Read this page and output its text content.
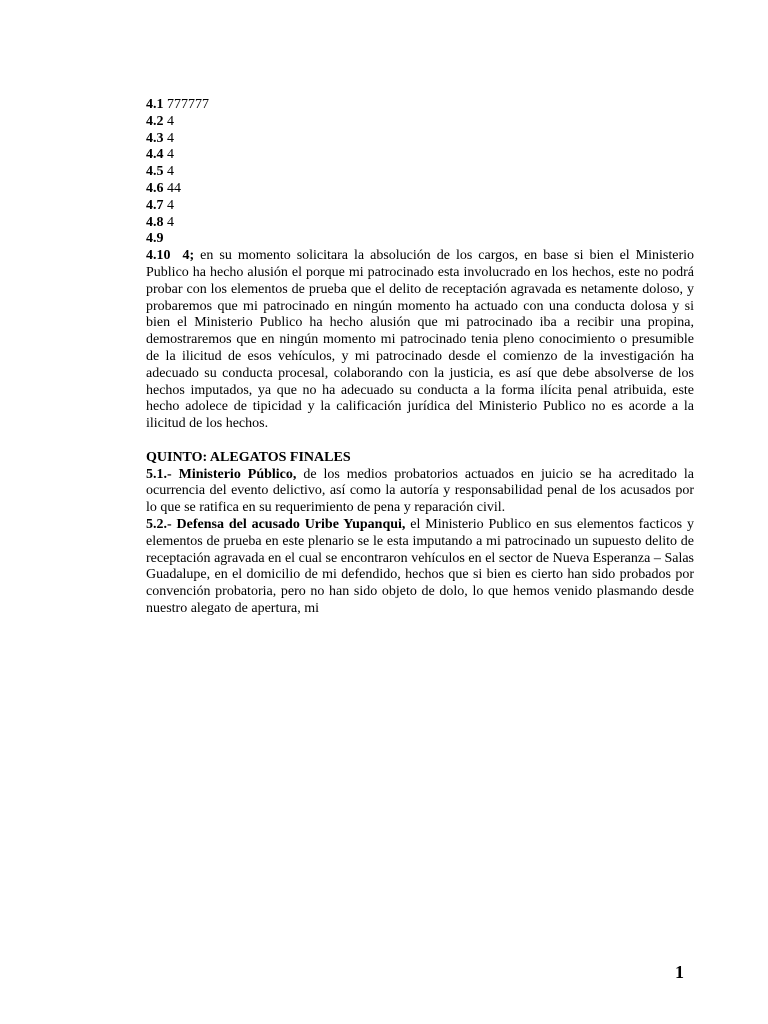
4.1 777777
4.2 4
4.3 4
4.4 4
4.5 4
4.6 44
4.7 4
4.8 4
4.9
4.10 4; en su momento solicitara la absolución de los cargos, en base si bien el Ministerio Publico ha hecho alusión el porque mi patrocinado esta involucrado en los hechos, este no podrá probar con los elementos de prueba que el delito de receptación agravada es netamente doloso, y probaremos que mi patrocinado en ningún momento ha actuado con una conducta dolosa y si bien el Ministerio Publico ha hecho alusión que mi patrocinado iba a recibir una propina, demostraremos que en ningún momento mi patrocinado tenia pleno conocimiento o presumible de la ilicitud de esos vehículos, y mi patrocinado desde el comienzo de la investigación ha adecuado su conducta procesal, colaborando con la justicia, es así que debe absolverse de los hechos imputados, ya que no ha adecuado su conducta a la forma ilícita penal atribuida, este hecho adolece de tipicidad y la calificación jurídica del Ministerio Publico no es acorde a la ilicitud de los hechos.
QUINTO: ALEGATOS FINALES
5.1.- Ministerio Público, de los medios probatorios actuados en juicio se ha acreditado la ocurrencia del evento delictivo, así como la autoría y responsabilidad penal de los acusados por lo que se ratifica en su requerimiento de pena y reparación civil.
5.2.- Defensa del acusado Uribe Yupanqui, el Ministerio Publico en sus elementos facticos y elementos de prueba en este plenario se le esta imputando a mi patrocinado un supuesto delito de receptación agravada en el cual se encontraron vehículos en el sector de Nueva Esperanza – Salas Guadalupe, en el domicilio de mi defendido, hechos que si bien es cierto han sido probados por convención probatoria, pero no han sido objeto de dolo, lo que hemos venido plasmando desde nuestro alegato de apertura, mi
1
